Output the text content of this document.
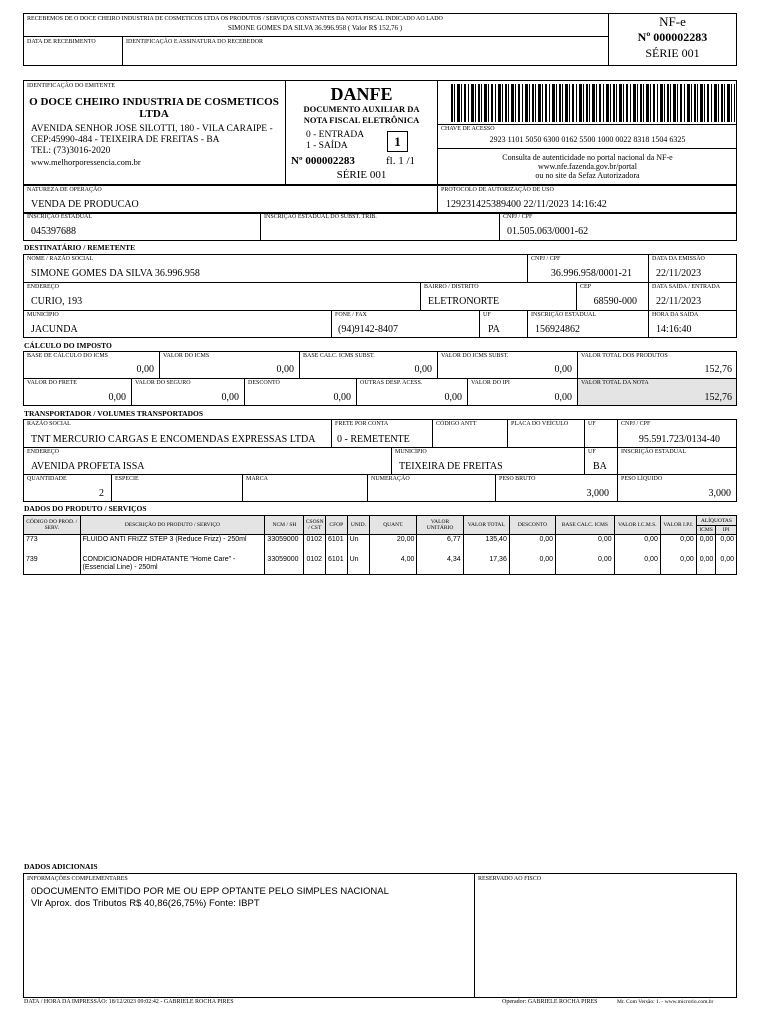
RECEBEMOS DE O DOCE CHEIRO INDUSTRIA DE COSMETICOS LTDA OS PRODUTOS / SERVIÇOS CONSTANTES DA NOTA FISCAL INDICADO AO LADO
SIMONE GOMES DA SILVA 36.996.958 ( Valor R$ 152,76 )
DATA DE RECEBIMENTO	IDENTIFICAÇÃO E ASSINATURA DO RECEBEDOR
NF-e
Nº 000002283
SÉRIE 001
IDENTIFICAÇÃO DO EMITENTE
O DOCE CHEIRO INDUSTRIA DE COSMETICOS LTDA
AVENIDA SENHOR JOSE SILOTTI, 180 - VILA CARAIPE -
CEP:45990-484 - TEIXEIRA DE FREITAS - BA
TEL: (73)3016-2020
www.melhorporessencia.com.br
DANFE
DOCUMENTO AUXILIAR DA
NOTA FISCAL ELETRÔNICA
0 - ENTRADA
1 - SAÍDA	1
Nº 000002283	fl. 1 /1
SÉRIE 001
CHAVE DE ACESSO
2923 1101 5050 6300 0162 5500 1000 0022 8318 1504 6325
Consulta de autenticidade no portal nacional da NF-e
www.nfe.fazenda.gov.br/portal
ou no site da Sefaz Autorizadora
NATUREZA DE OPERAÇÃO
VENDA DE PRODUCAO
PROTOCOLO DE AUTORIZAÇÃO DE USO
129231425389400 22/11/2023 14:16:42
INSCRIÇÃO ESTADUAL
045397688
INSCRIÇÃO ESTADUAL DO SUBST. TRIB.	CNPJ / CPF
01.505.063/0001-62
DESTINATÁRIO / REMETENTE
NOME / RAZÃO SOCIAL
SIMONE GOMES DA SILVA 36.996.958
CNPJ / CPF
36.996.958/0001-21
DATA DA EMISSÃO
22/11/2023
ENDEREÇO
CURIO, 193
BAIRRO / DISTRITO
ELETRONORTE
CEP
68590-000
DATA SAÍDA / ENTRADA
22/11/2023
MUNICÍPIO
JACUNDA
FONE / FAX
(94)9142-8407
UF
PA
INSCRIÇÃO ESTADUAL
156924862
HORA DA SAÍDA
14:16:40
CÁLCULO DO IMPOSTO
BASE DE CÁLCULO DO ICMS
0,00
VALOR DO ICMS
0,00
BASE CALC. ICMS SUBST.
0,00
VALOR DO ICMS SUBST.
0,00
VALOR TOTAL DOS PRODUTOS
152,76
VALOR DO FRETE
0,00
VALOR DO SEGURO
0,00
DESCONTO
0,00
OUTRAS DESP. ACESS.
0,00
VALOR DO IPI
0,00
VALOR TOTAL DA NOTA
152,76
TRANSPORTADOR / VOLUMES TRANSPORTADOS
RAZÃO SOCIAL
TNT MERCURIO CARGAS E ENCOMENDAS EXPRESSAS LTDA
FRETE POR CONTA
0 - REMETENTE
CÓDIGO ANTT	PLACA DO VEÍCULO	UF	CNPJ / CPF
95.591.723/0134-40
ENDEREÇO
AVENIDA PROFETA ISSA
MUNICÍPIO
TEIXEIRA DE FREITAS
UF
BA
INSCRIÇÃO ESTADUAL
QUANTIDADE
2
ESPECIE	MARCA	NUMERAÇÃO	PESO BRUTO
3,000
PESO LÍQUIDO
3,000
DADOS DO PRODUTO / SERVIÇOS
CÓDIGO DO PROD. / SERV.	DESCRIÇÃO DO PRODUTO / SERVIÇO	NCM / SH	CSOSN / CST	CFOP	UNID.	QUANT.	VALOR UNITÁRIO	VALOR TOTAL	DESCONTO	BASE CALC. ICMS	VALOR I.C.M.S.	VALOR I.P.I.	ALÍQUOTAS	
													ICMS	IPI
773	FLUIDO ANTI FRIZZ STEP 3 (Reduce Frizz) - 250ml	33059000	0102	6101	Un	20,00	6,77	135,40	0,00	0,00	0,00	0,00	0,00	0,00
739	CONDICIONADOR HIDRATANTE "Home Care" - (Essencial Line) - 250ml	33059000	0102	6101	Un	4,00	4,34	17,36	0,00	0,00	0,00	0,00	0,00	0,00
DADOS ADICIONAIS
INFORMAÇÕES COMPLEMENTARES
0DOCUMENTO EMITIDO POR ME OU EPP OPTANTE PELO SIMPLES NACIONAL
Vlr Aprox. dos Tributos R$ 40,86(26,75%) Fonte: IBPT
RESERVADO AO FISCO
DATA / HORA DA IMPRESSÃO: 18/12/2023 09:02:42 - GABRIELE ROCHA PIRES	Operador: GABRIELE ROCHA PIRES	Mr. Com Versão: 1. - www.microrio.com.br
